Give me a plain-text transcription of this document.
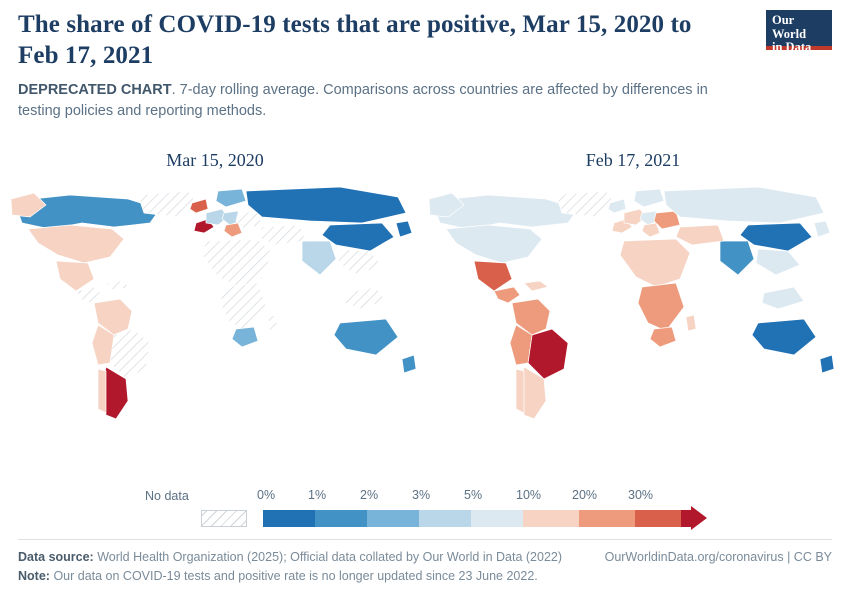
The share of COVID-19 tests that are positive, Mar 15, 2020 to Feb 17, 2021
DEPRECATED CHART. 7-day rolling average. Comparisons across countries are affected by differences in testing policies and reporting methods.
Our World
in Data
Mar 15, 2020	Feb 17, 2021
No data	0%	1%	2%	3%	5%	10% 20% 30%
Data source: World Health Organization (2025); Official data collated by Our World in Data (2022)	OurWorldinData.org/coronavirus | CC BY
Note: Our data on COVID-19 tests and positive rate is no longer updated since 23 June 2022.
